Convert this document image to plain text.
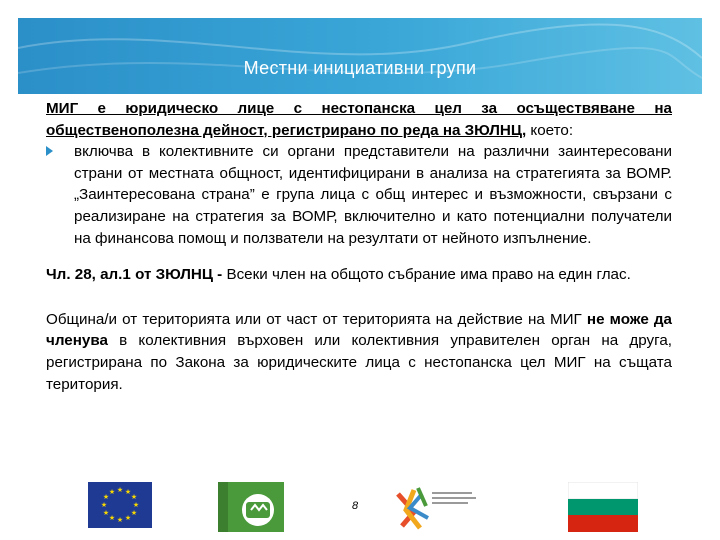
Местни инициативни групи

МИГ е юридическо лице с нестопанска цел за осъществяване на общественополезна дейност, регистрирано по реда на ЗЮЛНЦ, което:

включва в колективните си органи представители на различни заинтересовани страни от местната общност, идентифицирани в анализа на стратегията за ВОМР. „Заинтересована страна” е група лица с общ интерес и възможности, свързани с реализиране на стратегия за ВОМР, включително и като потенциални получатели на финансова помощ и ползватели на резултати от нейното изпълнение.

Чл. 28, ал.1 от ЗЮЛНЦ - Всеки член на общото събрание има право на един глас.

Община/и от територията или от част от територията на действие на МИГ не може да членува в колективния върховен или колективния управителен орган на друга, регистрирана по Закона за юридическите лица с нестопанска цел МИГ на същата територия.

★ ★
★
★
★
★
★
★
★
★
★
★
8
